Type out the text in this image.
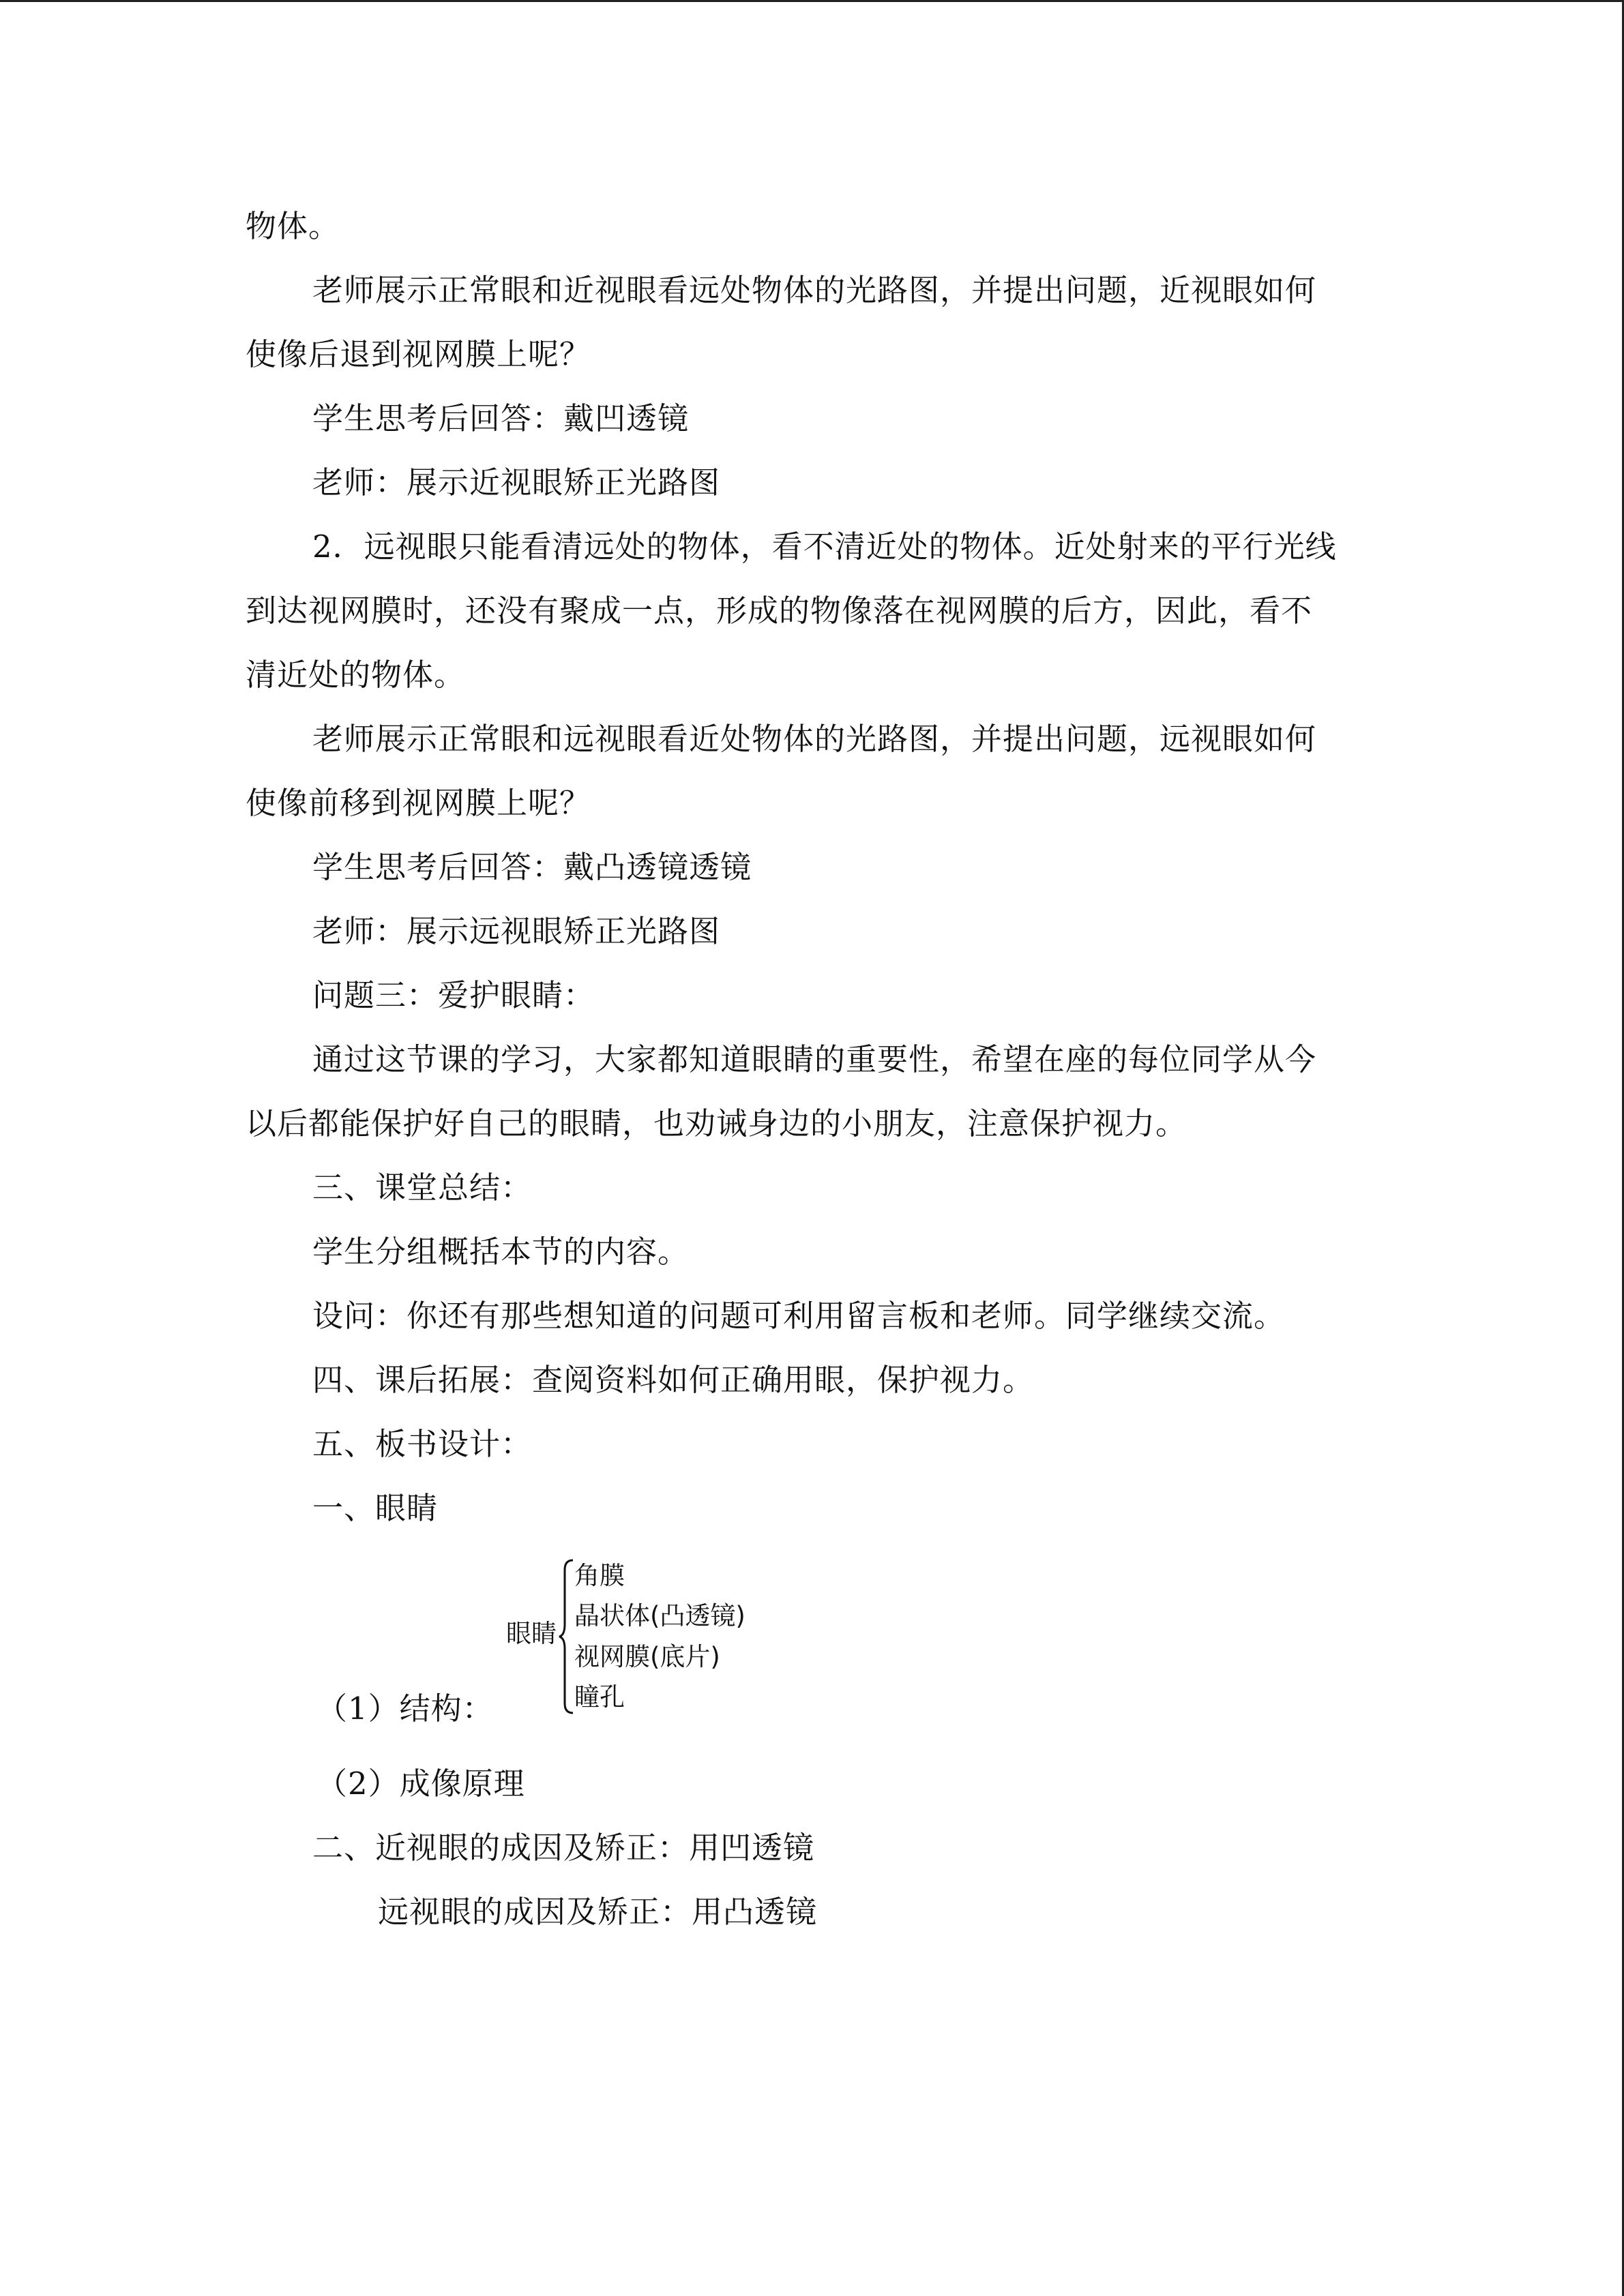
物体。
老师展示正常眼和近视眼看远处物体的光路图，并提出问题，近视眼如何
使像后退到视网膜上呢？
学生思考后回答：戴凹透镜
老师：展示近视眼矫正光路图
2．远视眼只能看清远处的物体，看不清近处的物体。近处射来的平行光线
到达视网膜时，还没有聚成一点，形成的物像落在视网膜的后方，因此，看不
清近处的物体。
老师展示正常眼和远视眼看近处物体的光路图，并提出问题，远视眼如何
使像前移到视网膜上呢？
学生思考后回答：戴凸透镜透镜
老师：展示远视眼矫正光路图
问题三：爱护眼睛：
通过这节课的学习，大家都知道眼睛的重要性，希望在座的每位同学从今
以后都能保护好自己的眼睛，也劝诫身边的小朋友，注意保护视力。
三、课堂总结：
学生分组概括本节的内容。
设问：你还有那些想知道的问题可利用留言板和老师。同学继续交流。
四、课后拓展：查阅资料如何正确用眼，保护视力。
五、板书设计：
一、眼睛
眼睛
角膜
晶状体(凸透镜)
视网膜(底片)
瞳孔
（1）结构：
（2）成像原理
二、近视眼的成因及矫正：用凹透镜
远视眼的成因及矫正：用凸透镜
